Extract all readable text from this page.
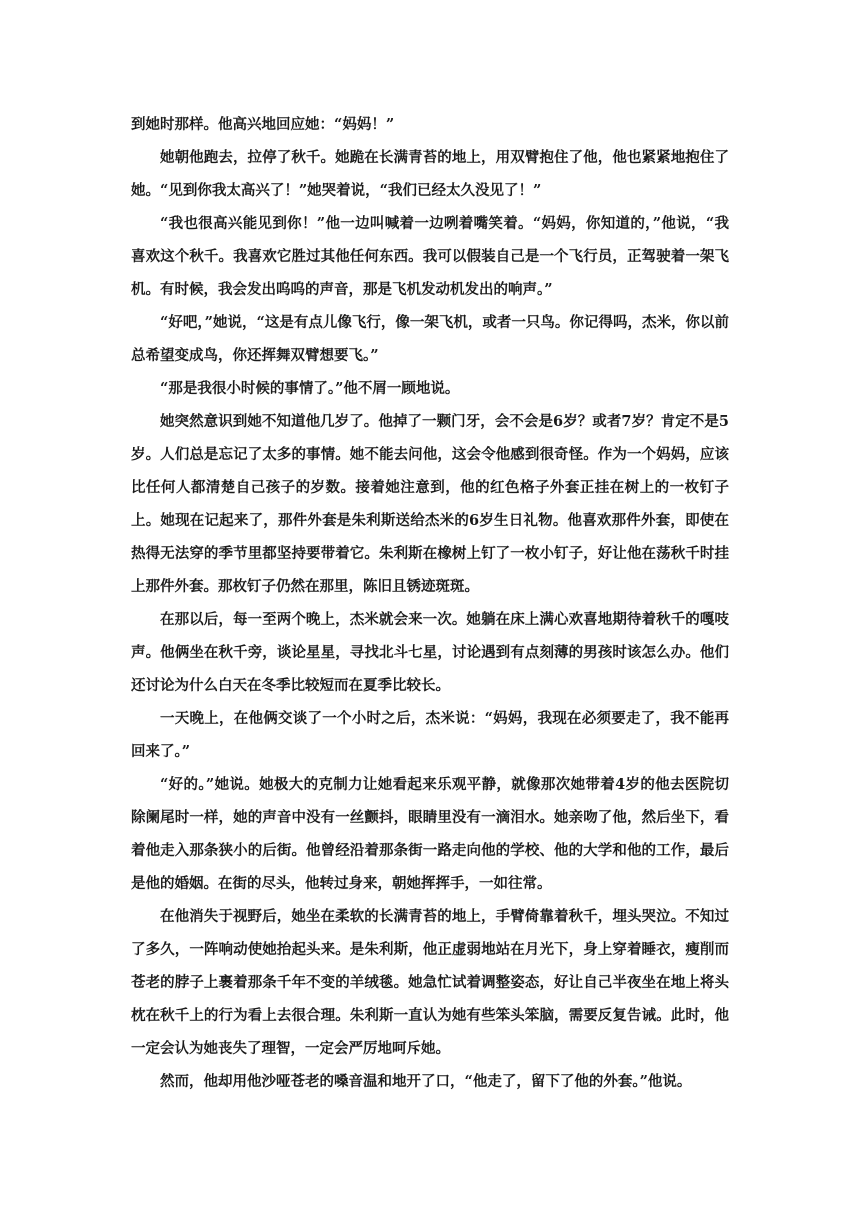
到她时那样。他高兴地回应她：“妈妈！”

她朝他跑去，拉停了秋千。她跪在长满青苔的地上，用双臂抱住了他，他也紧紧地抱住了她。“见到你我太高兴了！”她哭着说，“我们已经太久没见了！”

“我也很高兴能见到你！”他一边叫喊着一边咧着嘴笑着。“妈妈，你知道的，”他说，“我喜欢这个秋千。我喜欢它胜过其他任何东西。我可以假装自己是一个飞行员，正驾驶着一架飞机。有时候，我会发出呜呜的声音，那是飞机发动机发出的响声。”

“好吧，”她说，“这是有点儿像飞行，像一架飞机，或者一只鸟。你记得吗，杰米，你以前总希望变成鸟，你还挥舞双臂想要飞。”

“那是我很小时候的事情了。”他不屑一顾地说。

她突然意识到她不知道他几岁了。他掉了一颗门牙，会不会是6岁？或者7岁？肯定不是5岁。人们总是忘记了太多的事情。她不能去问他，这会令他感到很奇怪。作为一个妈妈，应该比任何人都清楚自己孩子的岁数。接着她注意到，他的红色格子外套正挂在树上的一枚钉子上。她现在记起来了，那件外套是朱利斯送给杰米的6岁生日礼物。他喜欢那件外套，即使在热得无法穿的季节里都坚持要带着它。朱利斯在橡树上钉了一枚小钉子，好让他在荡秋千时挂上那件外套。那枚钉子仍然在那里，陈旧且锈迹斑斑。

在那以后，每一至两个晚上，杰米就会来一次。她躺在床上满心欢喜地期待着秋千的嘎吱声。他俩坐在秋千旁，谈论星星，寻找北斗七星，讨论遇到有点刻薄的男孩时该怎么办。他们还讨论为什么白天在冬季比较短而在夏季比较长。

一天晚上，在他俩交谈了一个小时之后，杰米说：“妈妈，我现在必须要走了，我不能再回来了。”

“好的。”她说。她极大的克制力让她看起来乐观平静，就像那次她带着4岁的他去医院切除阑尾时一样，她的声音中没有一丝颤抖，眼睛里没有一滴泪水。她亲吻了他，然后坐下，看着他走入那条狭小的后街。他曾经沿着那条街一路走向他的学校、他的大学和他的工作，最后是他的婚姻。在街的尽头，他转过身来，朝她挥挥手，一如往常。

在他消失于视野后，她坐在柔软的长满青苔的地上，手臂倚靠着秋千，埋头哭泣。不知过了多久，一阵响动使她抬起头来。是朱利斯，他正虚弱地站在月光下，身上穿着睡衣，瘦削而苍老的脖子上裹着那条千年不变的羊绒毯。她急忙试着调整姿态，好让自己半夜坐在地上将头枕在秋千上的行为看上去很合理。朱利斯一直认为她有些笨头笨脑，需要反复告诫。此时，他一定会认为她丧失了理智，一定会严厉地呵斥她。

然而，他却用他沙哑苍老的嗓音温和地开了口，“他走了，留下了他的外套。”他说。
